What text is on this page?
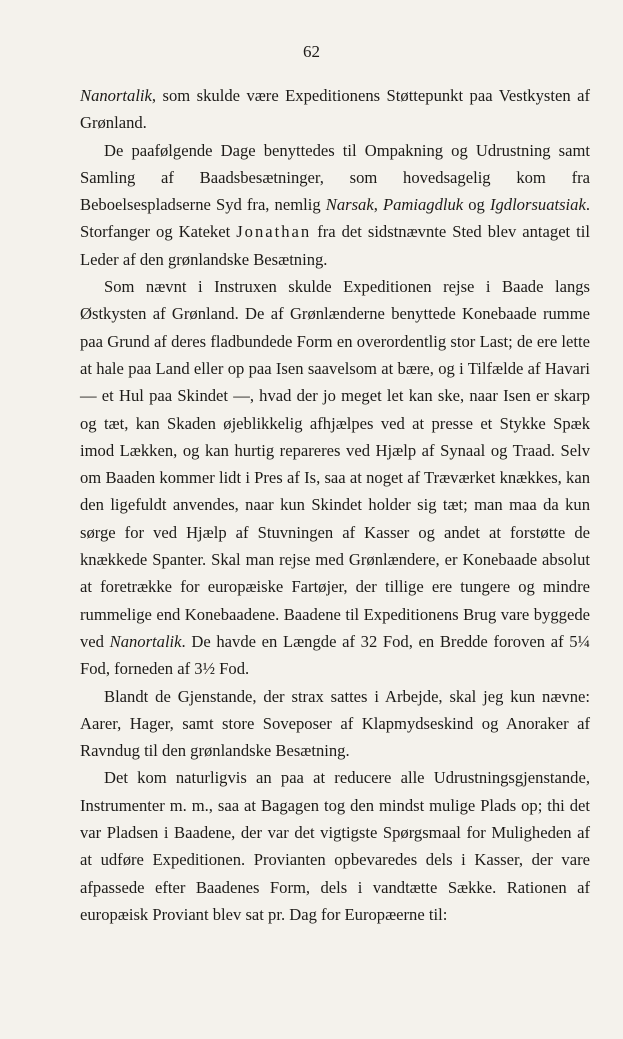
62

Nanortalik, som skulde være Expeditionens Støttepunkt paa Vestkysten af Grønland.

De paafølgende Dage benyttedes til Ompakning og Udrustning samt Samling af Baadsbesætninger, som hovedsagelig kom fra Beboelsespladserne Syd fra, nemlig Narsak, Pamiagdluk og Igdlorsuatsiak. Storfanger og Kateket Jonathan fra det sidstnævnte Sted blev antaget til Leder af den grønlandske Besætning.

Som nævnt i Instruxen skulde Expeditionen rejse i Baade langs Østkysten af Grønland. De af Grønlænderne benyttede Konebaade rumme paa Grund af deres fladbundede Form en overordentlig stor Last; de ere lette at hale paa Land eller op paa Isen saavelsom at bære, og i Tilfælde af Havari — et Hul paa Skindet —, hvad der jo meget let kan ske, naar Isen er skarp og tæt, kan Skaden øjeblikkelig afhjælpes ved at presse et Stykke Spæk imod Lækken, og kan hurtig repareres ved Hjælp af Synaal og Traad. Selv om Baaden kommer lidt i Pres af Is, saa at noget af Træværket knækkes, kan den ligefuldt anvendes, naar kun Skindet holder sig tæt; man maa da kun sørge for ved Hjælp af Stuvningen af Kasser og andet at forstøtte de knækkede Spanter. Skal man rejse med Grønlændere, er Konebaade absolut at foretrække for europæiske Fartøjer, der tillige ere tungere og mindre rummelige end Konebaadene. Baadene til Expeditionens Brug vare byggede ved Nanortalik. De havde en Længde af 32 Fod, en Bredde foroven af 5¼ Fod, forneden af 3½ Fod.

Blandt de Gjenstande, der strax sattes i Arbejde, skal jeg kun nævne: Aarer, Hager, samt store Soveposer af Klapmydseskind og Anoraker af Ravndug til den grønlandske Besætning.

Det kom naturligvis an paa at reducere alle Udrustningsgjenstande, Instrumenter m. m., saa at Bagagen tog den mindst mulige Plads op; thi det var Pladsen i Baadene, der var det vigtigste Spørgsmaal for Muligheden af at udføre Expeditionen. Provianten opbevaredes dels i Kasser, der vare afpassede efter Baadenes Form, dels i vandtætte Sække. Rationen af europæisk Proviant blev sat pr. Dag for Europæerne til:
